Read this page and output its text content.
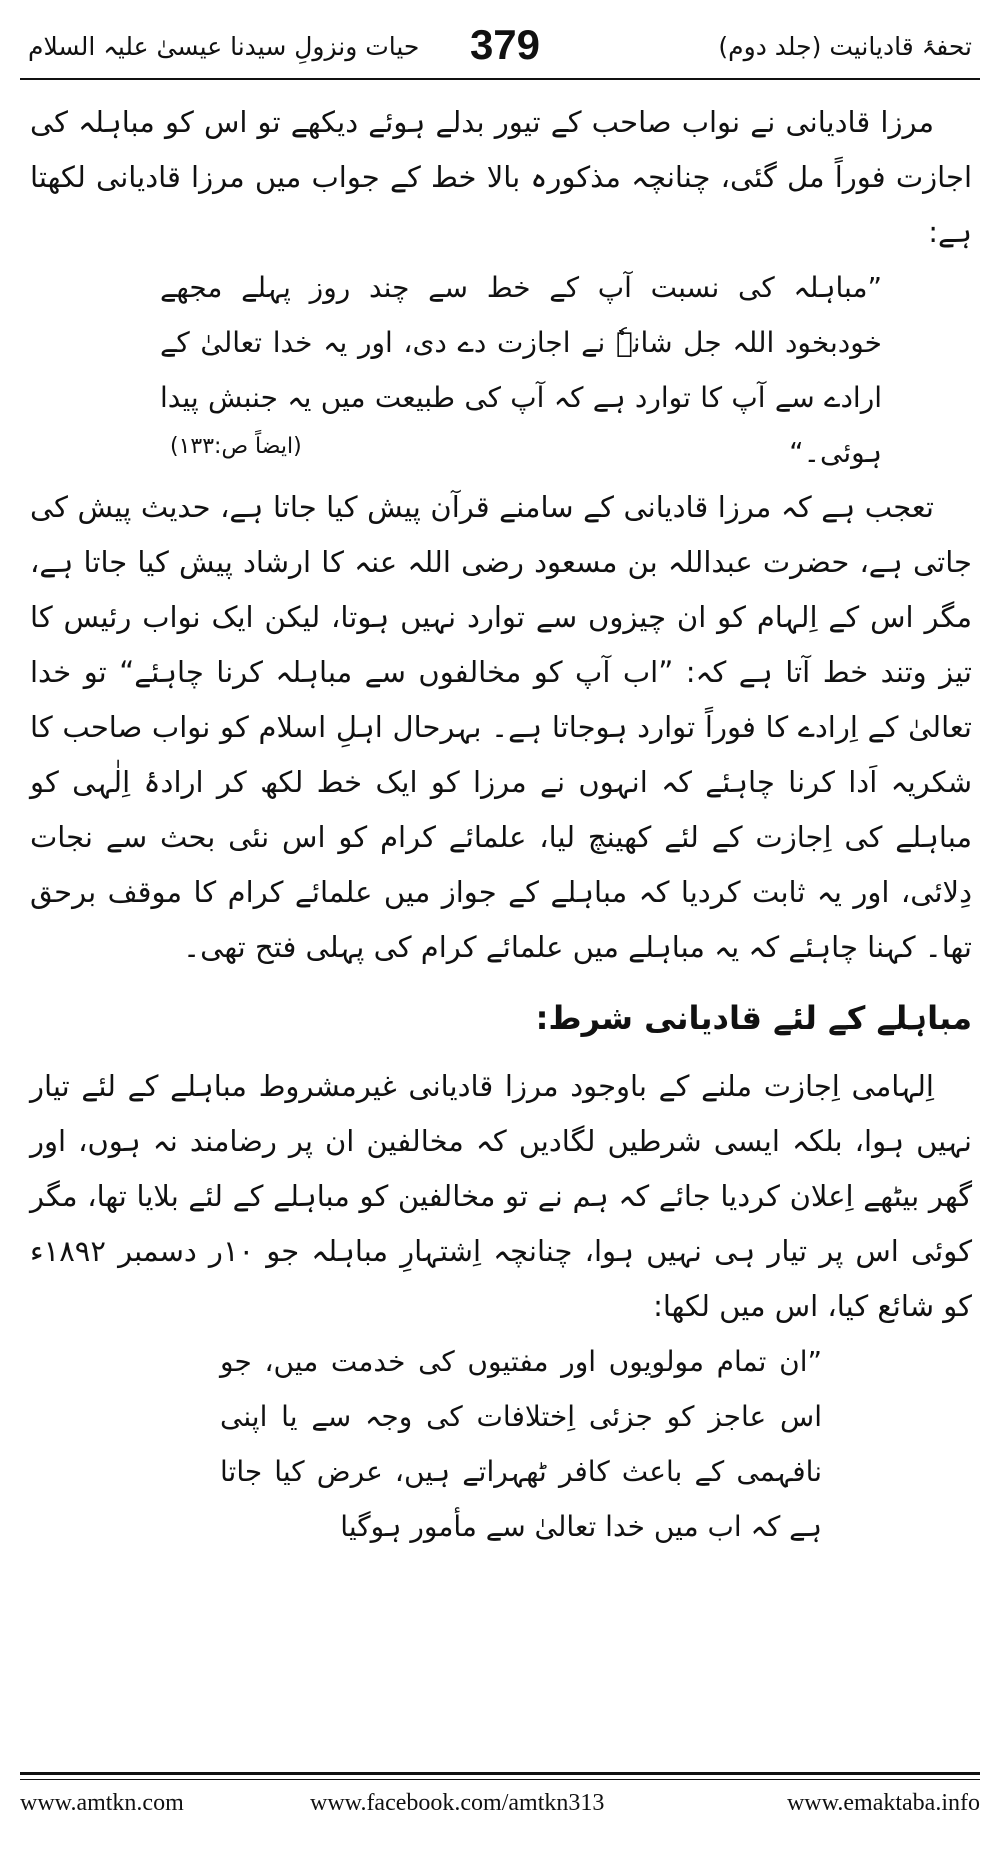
تحفۂ قادیانیت (جلد دوم)
379
حیات ونزولِ سیدنا عیسیٰ علیہ السلام

مرزا قادیانی نے نواب صاحب کے تیور بدلے ہوئے دیکھے تو اس کو مباہلہ کی اجازت فوراً مل گئی، چنانچہ مذکورہ بالا خط کے جواب میں مرزا قادیانی لکھتا ہے:

”مباہلہ کی نسبت آپ کے خط سے چند روز پہلے مجھے خودبخود اللہ جل شانہٗ نے اجازت دے دی، اور یہ خدا تعالیٰ کے ارادے سے آپ کا توارد ہے کہ آپ کی طبیعت میں یہ جنبش پیدا ہوئی۔“

(ایضاً ص:۱۳۳)

تعجب ہے کہ مرزا قادیانی کے سامنے قرآن پیش کیا جاتا ہے، حدیث پیش کی جاتی ہے، حضرت عبداللہ بن مسعود رضی اللہ عنہ کا ارشاد پیش کیا جاتا ہے، مگر اس کے اِلہام کو ان چیزوں سے توارد نہیں ہوتا، لیکن ایک نواب رئیس کا تیز وتند خط آتا ہے کہ: ”اب آپ کو مخالفوں سے مباہلہ کرنا چاہئے“ تو خدا تعالیٰ کے اِرادے کا فوراً توارد ہوجاتا ہے۔ بہرحال اہلِ اسلام کو نواب صاحب کا شکریہ اَدا کرنا چاہئے کہ انہوں نے مرزا کو ایک خط لکھ کر ارادۂ اِلٰہی کو مباہلے کی اِجازت کے لئے کھینچ لیا، علمائے کرام کو اس نئی بحث سے نجات دِلائی، اور یہ ثابت کردیا کہ مباہلے کے جواز میں علمائے کرام کا موقف برحق تھا۔ کہنا چاہئے کہ یہ مباہلے میں علمائے کرام کی پہلی فتح تھی۔

مباہلے کے لئے قادیانی شرط:

اِلہامی اِجازت ملنے کے باوجود مرزا قادیانی غیرمشروط مباہلے کے لئے تیار نہیں ہوا، بلکہ ایسی شرطیں لگادیں کہ مخالفین ان پر رضامند نہ ہوں، اور گھر بیٹھے اِعلان کردیا جائے کہ ہم نے تو مخالفین کو مباہلے کے لئے بلایا تھا، مگر کوئی اس پر تیار ہی نہیں ہوا، چنانچہ اِشتہارِ مباہلہ جو ۱۰ر دسمبر ۱۸۹۲ء کو شائع کیا، اس میں لکھا:

”ان تمام مولویوں اور مفتیوں کی خدمت میں، جو اس عاجز کو جزئی اِختلافات کی وجہ سے یا اپنی نافہمی کے باعث کافر ٹھہراتے ہیں، عرض کیا جاتا ہے کہ اب میں خدا تعالیٰ سے مأمور ہوگیا

www.amtkn.com	www.facebook.com/amtkn313	www.emaktaba.info
